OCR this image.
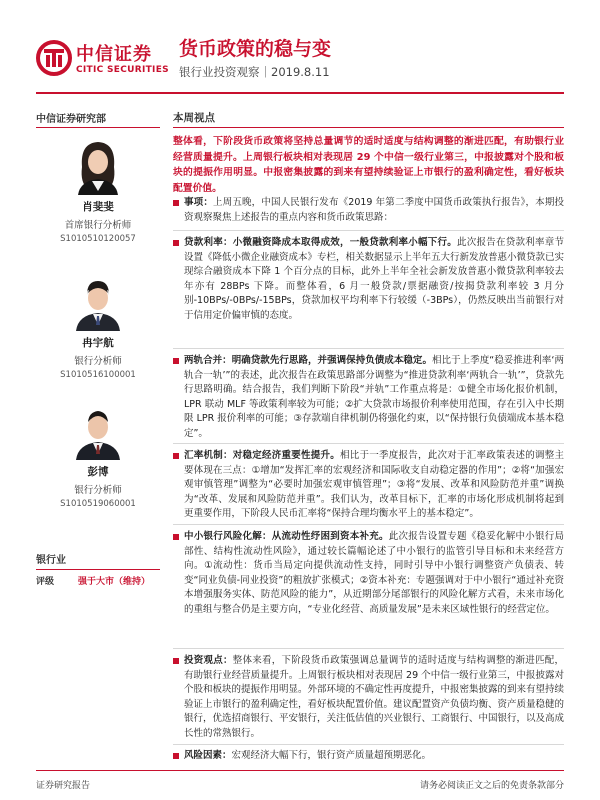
中信证券
CITIC SECURITIES
货币政策的稳与变
银行业投资观察｜2019.8.11
中信证券研究部
肖斐斐
首席银行分析师
S1010510120057
冉宇航
银行分析师
S1010516100001
彭博
银行分析师
S1010519060001
银行业
评级	强于大市（维持）
本周视点
整体看，下阶段货币政策将坚持总量调节的适时适度与结构调整的渐进匹配，有助银行业经营质量提升。上周银行板块相对表现居 29 个中信一级行业第三，中报披露对个股和板块的提振作用明显。中报密集披露的到来有望持续验证上市银行的盈利确定性，看好板块配置价值。
事项：上周五晚，中国人民银行发布《2019 年第二季度中国货币政策执行报告》，本期投资观察聚焦上述报告的重点内容和货币政策思路：
贷款利率：小微融资降成本取得成效，一般贷款利率小幅下行。此次报告在贷款利率章节设置《降低小微企业融资成本》专栏，相关数据显示上半年五大行新发放普惠小微贷款已实现综合融资成本下降 1 个百分点的目标，此外上半年全社会新发放普惠小微贷款利率较去年亦有 28BPs 下降。而整体看，6 月一般贷款/票据融资/按揭贷款利率较 3 月分别-10BPs/-0BPs/-15BPs，贷款加权平均利率下行较缓（-3BPs），仍然反映出当前银行对于信用定价偏审慎的态度。
两轨合并：明确贷款先行思路，并强调保持负债成本稳定。相比于上季度“稳妥推进利率‘两轨合一轨’”的表述，此次报告在政策思路部分调整为“推进贷款利率‘两轨合一轨’”，贷款先行思路明确。结合报告，我们判断下阶段“并轨”工作重点将是：①健全市场化报价机制，LPR 联动 MLF 等政策利率较为可能；②扩大贷款市场报价利率使用范围，存在引入中长期限 LPR 报价利率的可能；③存款端自律机制仍将强化约束，以“保持银行负债端成本基本稳定”。
汇率机制：对稳定经济重要性提升。相比于一季度报告，此次对于汇率政策表述的调整主要体现在三点：①增加“发挥汇率的宏观经济和国际收支自动稳定器的作用”；②将“加强宏观审慎管理”调整为“必要时加强宏观审慎管理”；③将“发展、改革和风险防范并重”调换为“改革、发展和风险防范并重”。我们认为，改革目标下，汇率的市场化形成机制将起到更重要作用，下阶段人民币汇率将“保持合理均衡水平上的基本稳定”。
中小银行风险化解：从流动性纾困到资本补充。此次报告设置专题《稳妥化解中小银行局部性、结构性流动性风险》，通过较长篇幅论述了中小银行的监管引导目标和未来经营方向。①流动性：货币当局定向提供流动性支持，同时引导中小银行调整资产负债表、转变“同业负债-同业投资”的粗放扩张模式；②资本补充：专题强调对于中小银行“通过补充资本增强服务实体、防范风险的能力”，从近期部分尾部银行的风险化解方式看，未来市场化的重组与整合仍是主要方向，“专业化经营、高质量发展”是未来区域性银行的经营定位。
投资观点：整体来看，下阶段货币政策强调总量调节的适时适度与结构调整的渐进匹配，有助银行业经营质量提升。上周银行板块相对表现居 29 个中信一级行业第三，中报披露对个股和板块的提振作用明显。外部环境的不确定性再度提升，中报密集披露的到来有望持续验证上市银行的盈利确定性，看好板块配置价值。建议配置资产负债均衡、资产质量稳健的银行，优选招商银行、平安银行，关注低估值的兴业银行、工商银行、中国银行，以及高成长性的常熟银行。
风险因素：宏观经济大幅下行，银行资产质量超预期恶化。
证券研究报告	请务必阅读正文之后的免责条款部分
